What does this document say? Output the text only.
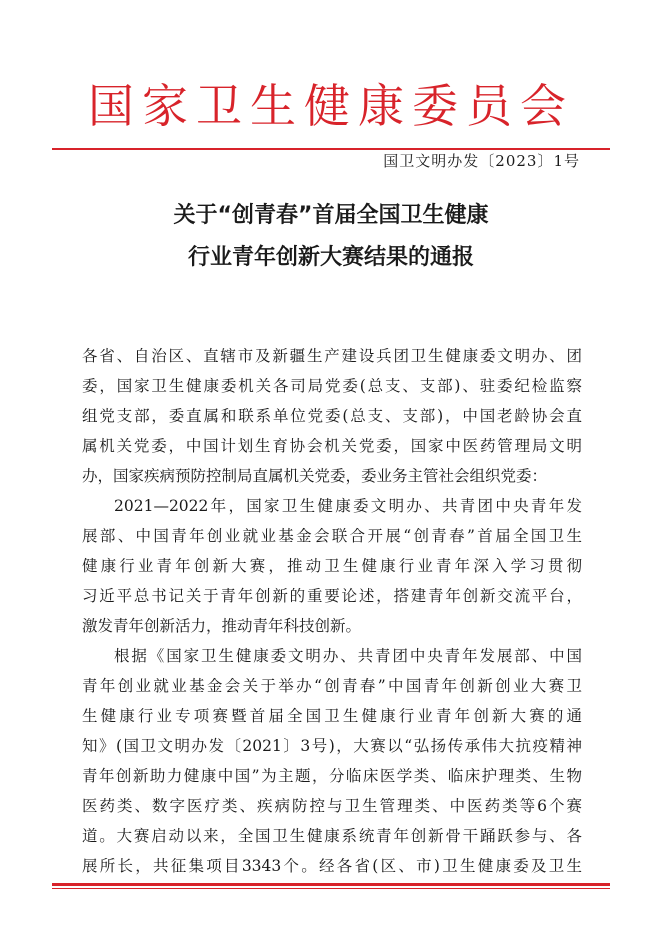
国家卫生健康委员会
国卫文明办发〔2023〕1号
关于“创青春”首届全国卫生健康
行业青年创新大赛结果的通报
各省、自治区、直辖市及新疆生产建设兵团卫生健康委文明办、团
委，国家卫生健康委机关各司局党委(总支、支部)、驻委纪检监察
组党支部，委直属和联系单位党委(总支、支部)，中国老龄协会直
属机关党委，中国计划生育协会机关党委，国家中医药管理局文明
办，国家疾病预防控制局直属机关党委，委业务主管社会组织党委：
2021—2022年，国家卫生健康委文明办、共青团中央青年发
展部、中国青年创业就业基金会联合开展“创青春”首届全国卫生
健康行业青年创新大赛，推动卫生健康行业青年深入学习贯彻
习近平总书记关于青年创新的重要论述，搭建青年创新交流平台，
激发青年创新活力，推动青年科技创新。
根据《国家卫生健康委文明办、共青团中央青年发展部、中国
青年创业就业基金会关于举办“创青春”中国青年创新创业大赛卫
生健康行业专项赛暨首届全国卫生健康行业青年创新大赛的通
知》(国卫文明办发〔2021〕3号)，大赛以“弘扬传承伟大抗疫精神
青年创新助力健康中国”为主题，分临床医学类、临床护理类、生物
医药类、数字医疗类、疾病防控与卫生管理类、中医药类等6个赛
道。大赛启动以来，全国卫生健康系统青年创新骨干踊跃参与、各
展所长，共征集项目3343个。经各省(区、市)卫生健康委及卫生
